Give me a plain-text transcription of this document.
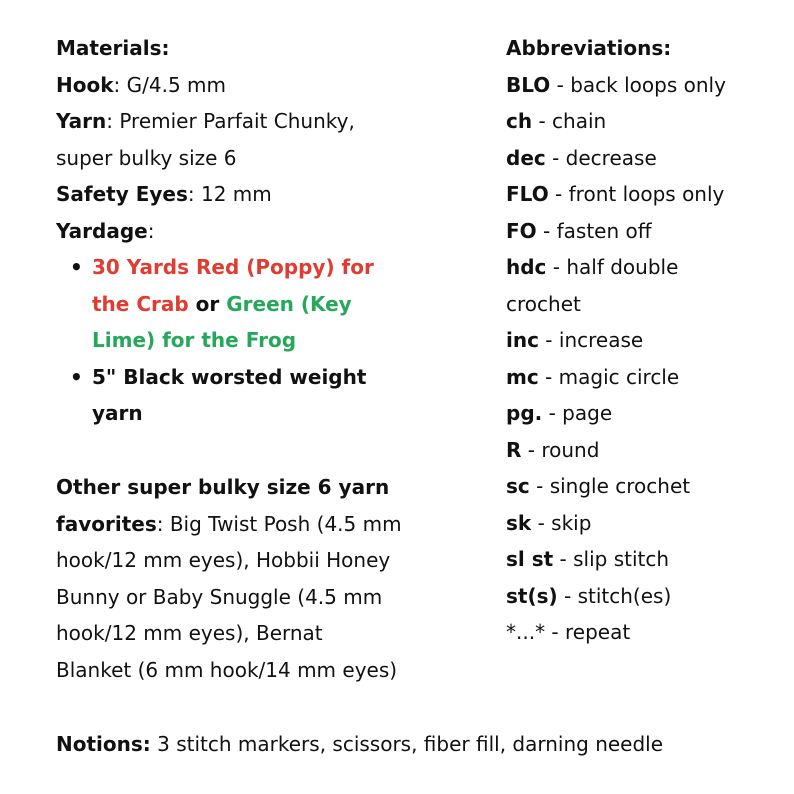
Materials:
Hook: G/4.5 mm
Yarn: Premier Parfait Chunky,
super bulky size 6
Safety Eyes: 12 mm
Yardage:
• 30 Yards Red (Poppy) for
the Crab or Green (Key
Lime) for the Frog
• 5" Black worsted weight
yarn
Other super bulky size 6 yarn
favorites: Big Twist Posh (4.5 mm
hook/12 mm eyes), Hobbii Honey
Bunny or Baby Snuggle (4.5 mm
hook/12 mm eyes), Bernat
Blanket (6 mm hook/14 mm eyes)
Abbreviations:
BLO - back loops only
ch - chain
dec - decrease
FLO - front loops only
FO - fasten off
hdc - half double
crochet
inc - increase
mc - magic circle
pg. - page
R - round
sc - single crochet
sk - skip
sl st - slip stitch
st(s) - stitch(es)
*...* - repeat
Notions: 3 stitch markers, scissors, fiber fill, darning needle
